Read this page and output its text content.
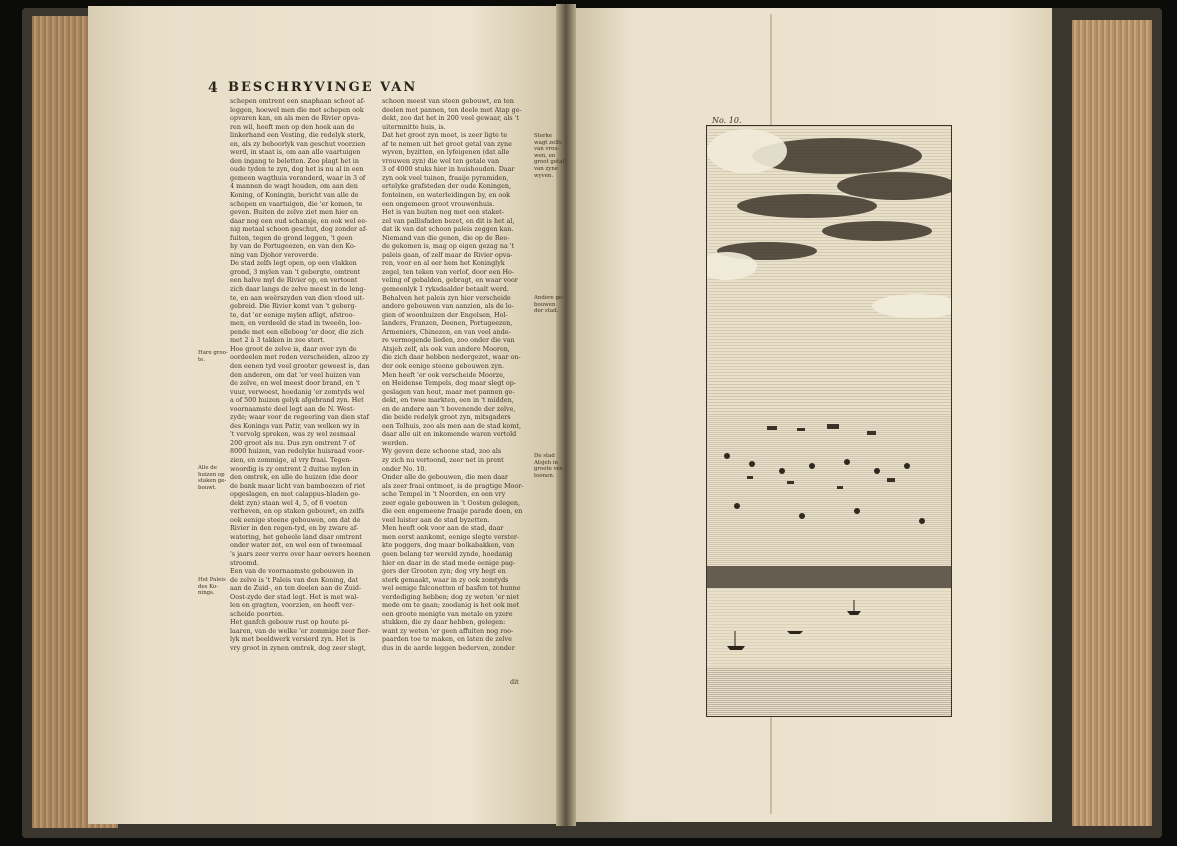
4 BESCHRYVINGE VAN
schepen omtrent een snaphaan schoot af-
leggen, hoewel men die met schepen ook
opvaren kan, en als men de Rivier opva-
ren wil, heeft men op den hoek aan de
linkerhand een Vesting, die redelyk sterk,
en, als zy behoorlyk van geschut voorzien
werd, in staat is, om aan alle vaartuigen
den ingang te beletten. Zoo plagt het in
oude tyden te zyn, dog het is nu al in een
gemeen wagthuis veranderd, waar in 3 of
4 mannen de wagt houden, om aan den
Koning, of Koningin, bericht van alle de
schepen en vaartuigen, die 'er komen, te
geven. Buiten de zelve ziet men hier en
daar nog een oud schansje, en ook wel ee-
nig metaal schoon geschut, dog zonder af-
fuiten, tegen de grond leggen, 't geen
hy van de Portugeezen, en van den Ko-
ning van Djohor veroverde.
De stad zelfs legt open, op een vlakken
grond, 3 mylen van 't gebergte, omtrent
een halve myl de Rivier op, en vertoont
zich daar langs de zelve meest in de leng-
te, en aan weêrszyden van dien vloed uit-
gebreid. Die Rivier komt van 't geberg-
te, dat 'er eenige mylen afligt, afstroo-
men, en verdeeld de stad in tweeën, loo-
pende met een elleboog 'er door, die zich
met 2 à 3 takken in zee stort.
Hoe groot de zelve is, daar over zyn de
oordeelen met reden verscheiden, alzoo zy
den eenen tyd veel grooter geweest is, dan
den anderen, om dat 'er veel huizen van
de zelve, en wel meest door brand, en 't
vuur, verwoest, hoedanig 'er zomtyds wel
a of 500 huizen gelyk afgebrand zyn. Het
voornaamste deel legt aan de N. West-
zyde; waar voor de regeering van dien staf
des Konings van Patir, van welken wy in
't vervolg spreken, was zy wel zesmaal
200 groot als nu. Dus zyn omtrent 7 of
8000 huizen, van redelyke huisraad voor-
zien, en zommige, al vry fraai. Tegen-
woordig is zy omtrent 2 duitse mylen in
den omtrek, en alle de huizen (die door
de bank maar licht van bamboezen of riet
opgeslagen, en met calappus-bladen ge-
dekt zyn) staan wel 4, 5, of 6 voeten
verheven, en op staken gebouwt, en zelfs
ook eenige steene gebouwen, om dat de
Rivier in den regen-tyd, en by zware af-
watering, het geheele land daar omtrent
onder water zet, en wel een of tweemaal
's jaars zeer verre over haar oevers heenen
stroomd.
Een van de voornaamste gebouwen in
de zelve is 't Paleis van den Koning, dat
aan de Zuid-, en ten deelen aan de Zuid-
Oost-zyde der stad legt. Het is met wal-
len en gragten, voorzien, en heeft ver-
scheide poorten.
Het ganfch gebouw rust op houte pi-
laaren, van de welke 'er zommige zeer fier-
lyk met beeldwerk versierd zyn. Het is
vry groot in zynen omtrek, dog zeer slegt,
schoon meest van steen gebouwt, en ten
deelen met pannen, ten deele met Atap ge-
dekt, zoo dat het in 200 veel gewaar, als 't
uitermnitte huis, is.
Dat het groot zyn moet, is zeer ligte te
af te nemen uit het groot getal van zyne
wyven, byzitten, en lyfeigenen (dat alle
vrouwen zyn) die wel ten getale van
3 of 4000 stuks hier in huishouden. Daar
zyn ook veel tuinen, fraaije pyramiden,
ertelyke grafsteden der oude Koningen,
fonteinen, en waterleidingen by, en ook
een ongemeen groot vrouwenhuis.
Het is van buiten nog met een staket-
zel van pallisfaden bezet, en dit is het al,
dat ik van dat schoon paleis zeggen kan.
Niemand van die genen, die op de Ree-
de gekomen is, mag op eigen gezag na 't
paleis gaan, of zelf maar de Rivier opva-
ren, voor en al eer hem het Koninglyk
zegel, ten teken van verlof, door een Ho-
veling of gebalden, gebragt, en waar voor
gemeenlyk 1 ryksdaalder betaalt werd.
Behalven het paleis zyn hier verscheide
andere gebouwen van aanzien, als de lo-
gien of woonhuizen der Engelsen, Hol-
landers, Franzen, Deenen, Portugeezen,
Armeniers, Chinezen, en van veel ande-
re vermogende lieden, zoo onder die van
Atsjeh zelf, als ook van andere Mooren,
die zich daar hebben nedergezet, waar on-
der ook eenige steene gebouwen zyn.
Men heeft 'er ook verscheide Moorze,
en Heidense Tempels, dog maar slegt op-
geslagen van hout, maar met pannen ge-
dekt, en twee markten, een in 't midden,
en de andere aan 't bovenende der zelve,
die beide redelyk groot zyn, mitsgaders
een Tolhuis, zoo als men aan de stad komt,
daar alle uit en inkomende waren vertold
werden.
Wy geven deze schoone stad, zoo als
zy zich nu vertoond, zeer net in prent
onder No. 10.
Onder alle de gebouwen, die men daar
als zeer fraai ontmoet, is de pragtige Moor-
sche Tempel in 't Noorden, en een vry
zeer egale gebouwen in 't Oosten gelegen,
die een ongemeene fraaije parade doen, en
veel luister aan de stad byzetten.
Men heeft ook voor aan de stad, daar
men eerst aankomt, eenige slegte verster-
kte poggers, dog maar bolkabakken, van
geen belang ter wereld zynde, hoedanig
hier en daar in de stad mede eenige pag-
gers der Grooten zyn; dog vry hegt en
sterk gemaakt, waar in zy ook zomtyds
wel eenige falconetten of basfen tot hunne
verdediging hebben; dog zy weten 'er niet
mede om te gaan; zoodanig is het ook met
een groote menigte van metale en yzere
stukken, die zy daar hebben, gelegen:
want zy weten 'er geen affuiten nog roo-
paarden toe te maken, en laten de zelve
dus in de aarde leggen bederven, zonder
dit
Hare groo-
te.
Alle de
huizen op
staken ge-
bouwt.
Het Paleis
des Ko-
nings.
Sterke
wagt zelfs
van vrou-
wen, en
groot getal
van zyne
wyven.
Andere ge-
bouwen
der stad.
De stad
Atsjeh in
groote ver-
toonen.
No. 10.
